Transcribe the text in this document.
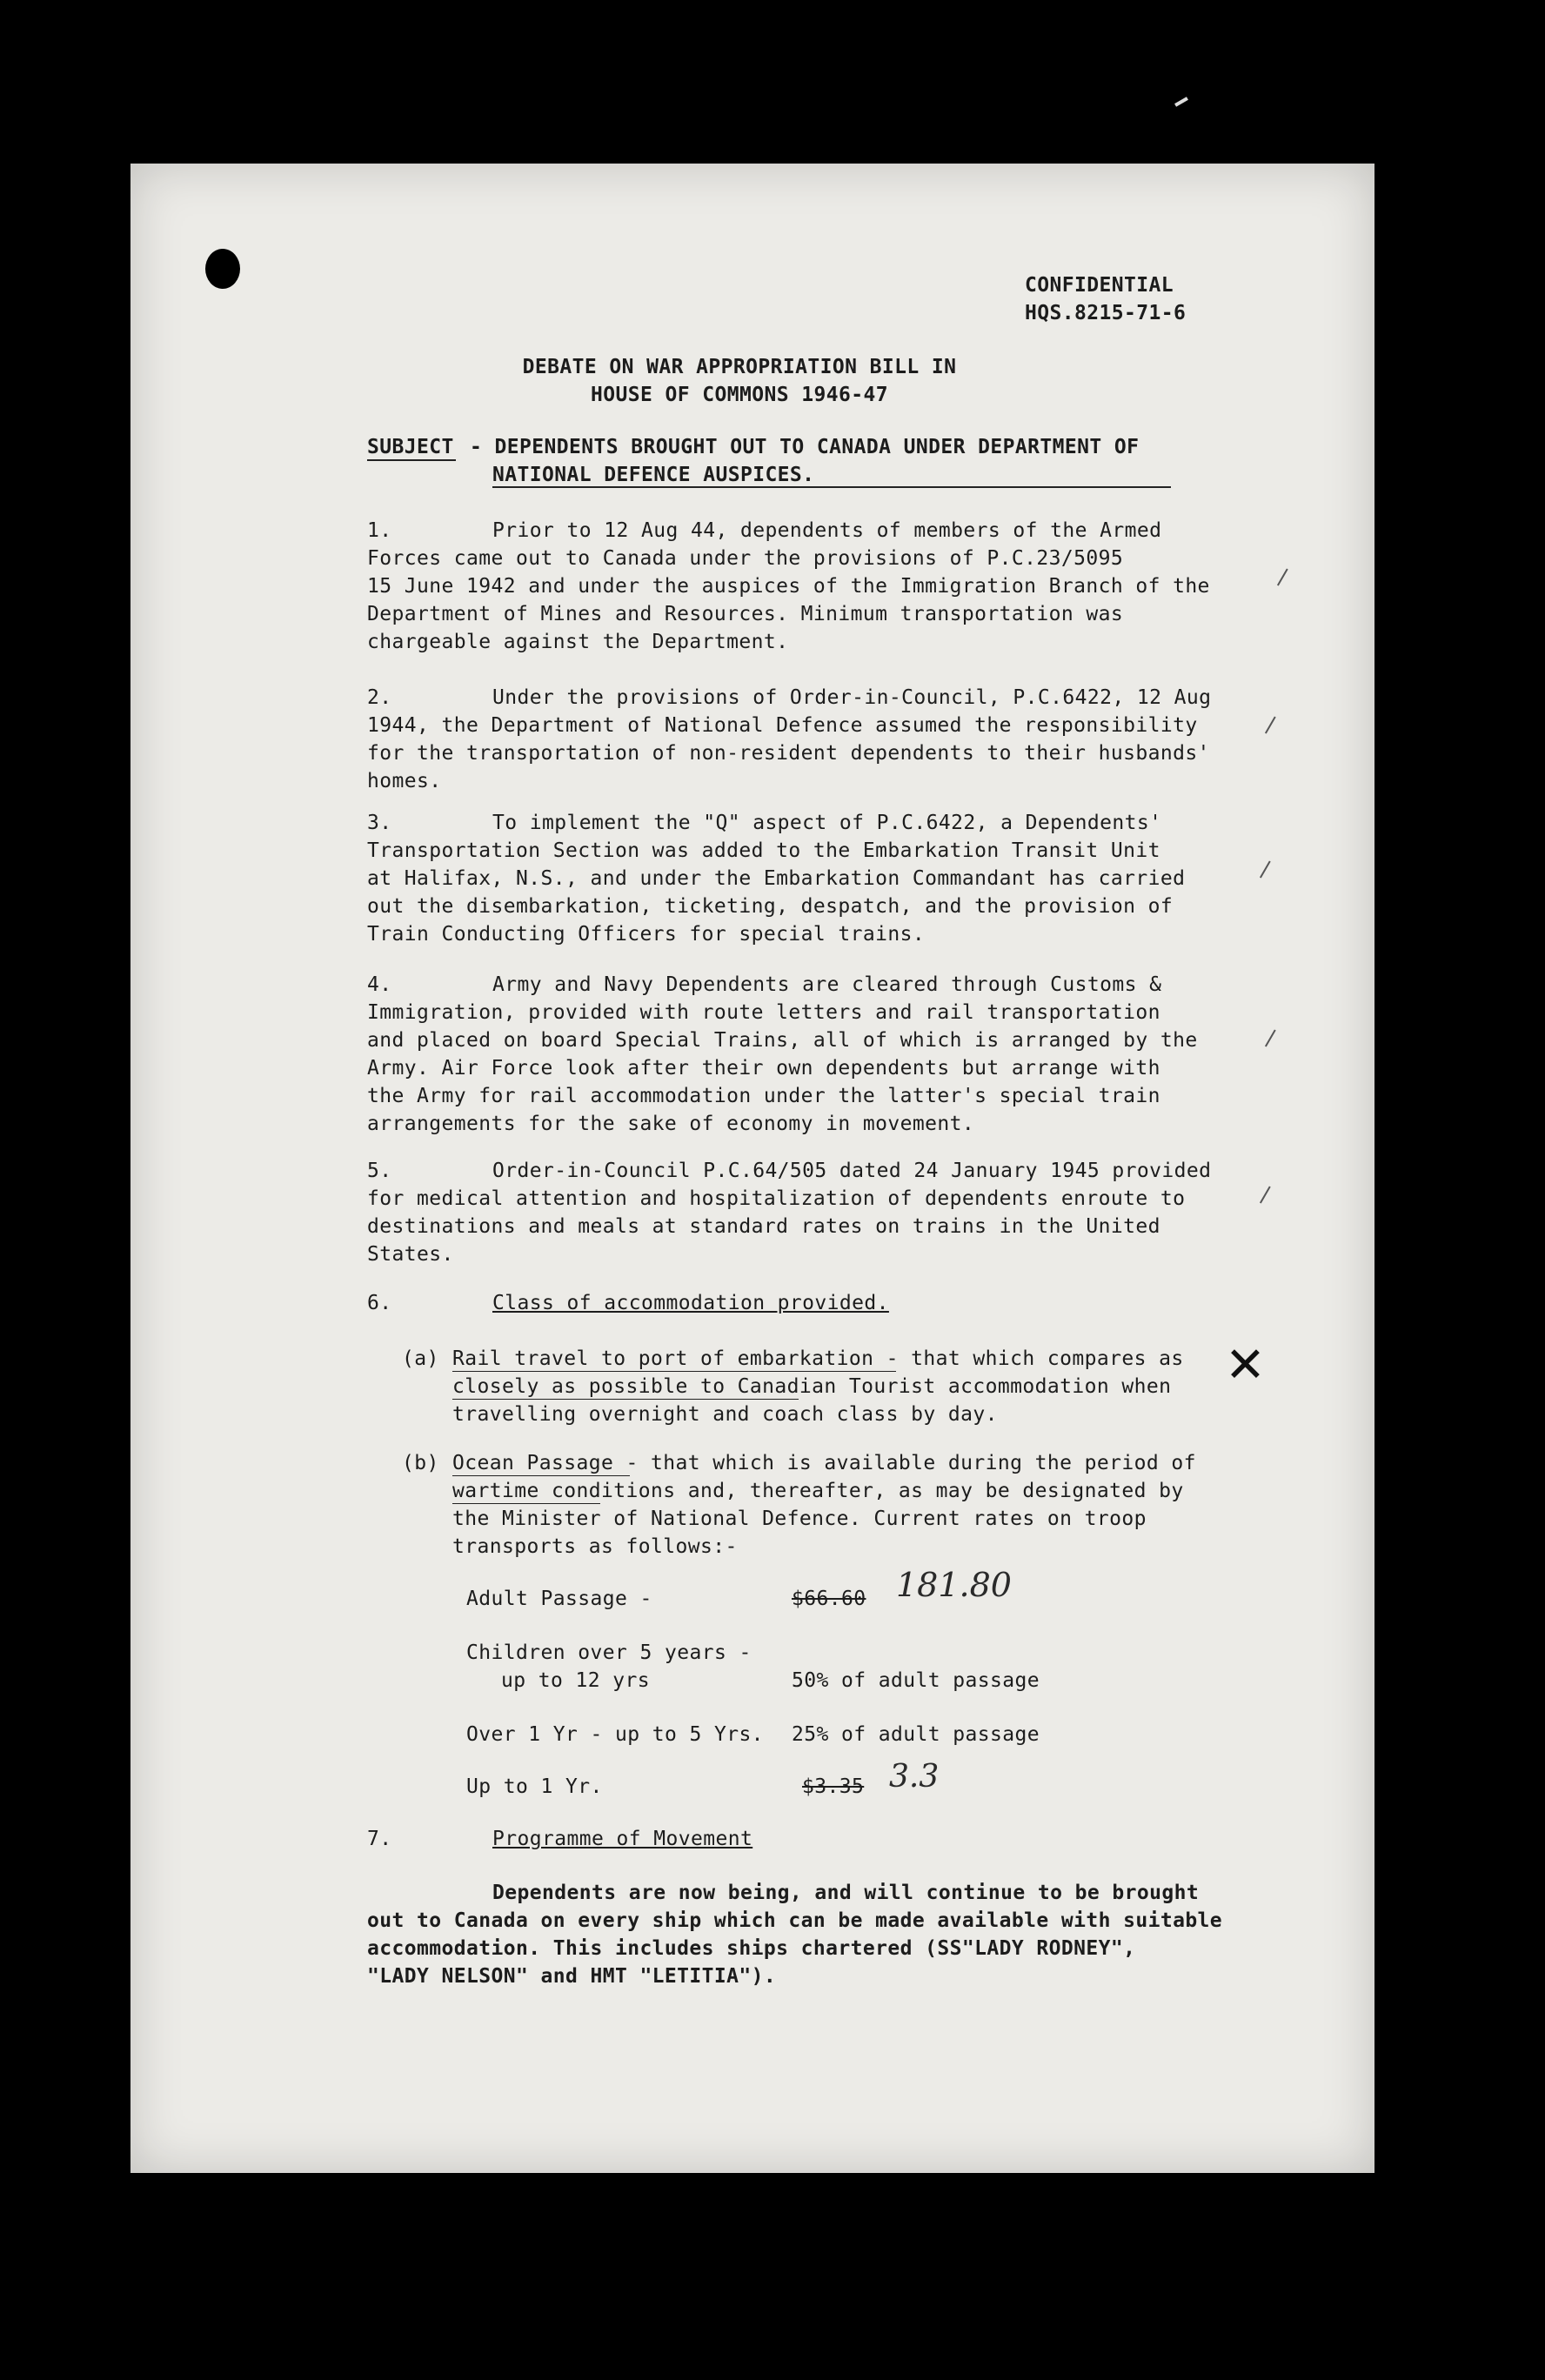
CONFIDENTIAL
HQS.8215-71-6
DEBATE ON WAR APPROPRIATION BILL IN
HOUSE OF COMMONS 1946-47
SUBJECT - DEPENDENTS BROUGHT OUT TO CANADA UNDER DEPARTMENT OF
NATIONAL DEFENCE AUSPICES.
1.	Prior to 12 Aug 44, dependents of members of the Armed
Forces came out to Canada under the provisions of P.C.23/5095
15 June 1942 and under the auspices of the Immigration Branch of the
Department of Mines and Resources. Minimum transportation was
chargeable against the Department.
2.	Under the provisions of Order-in-Council, P.C.6422, 12 Aug
1944, the Department of National Defence assumed the responsibility
for the transportation of non-resident dependents to their husbands'
homes.
3.	To implement the "Q" aspect of P.C.6422, a Dependents'
Transportation Section was added to the Embarkation Transit Unit
at Halifax, N.S., and under the Embarkation Commandant has carried
out the disembarkation, ticketing, despatch, and the provision of
Train Conducting Officers for special trains.
4.	Army and Navy Dependents are cleared through Customs &
Immigration, provided with route letters and rail transportation
and placed on board Special Trains, all of which is arranged by the
Army. Air Force look after their own dependents but arrange with
the Army for rail accommodation under the latter's special train
arrangements for the sake of economy in movement.
5.	Order-in-Council P.C.64/505 dated 24 January 1945 provided
for medical attention and hospitalization of dependents enroute to
destinations and meals at standard rates on trains in the United
States.
6.	Class of accommodation provided.
(a) Rail travel to port of embarkation - that which compares as
closely as possible to Canadian Tourist accommodation when
travelling overnight and coach class by day.
✕
(b) Ocean Passage - that which is available during the period of
wartime conditions and, thereafter, as may be designated by
the Minister of National Defence. Current rates on troop
transports as follows:-
Adult Passage -	$66.60 181.80
Children over 5 years -
up to 12 yrs	50% of adult passage
Over 1 Yr - up to 5 Yrs. 25% of adult passage
Up to 1 Yr.	$3.35 3.3
7.	Programme of Movement
Dependents are now being, and will continue to be brought
out to Canada on every ship which can be made available with suitable
accommodation. This includes ships chartered (SS"LADY RODNEY",
"LADY NELSON" and HMT "LETITIA").
